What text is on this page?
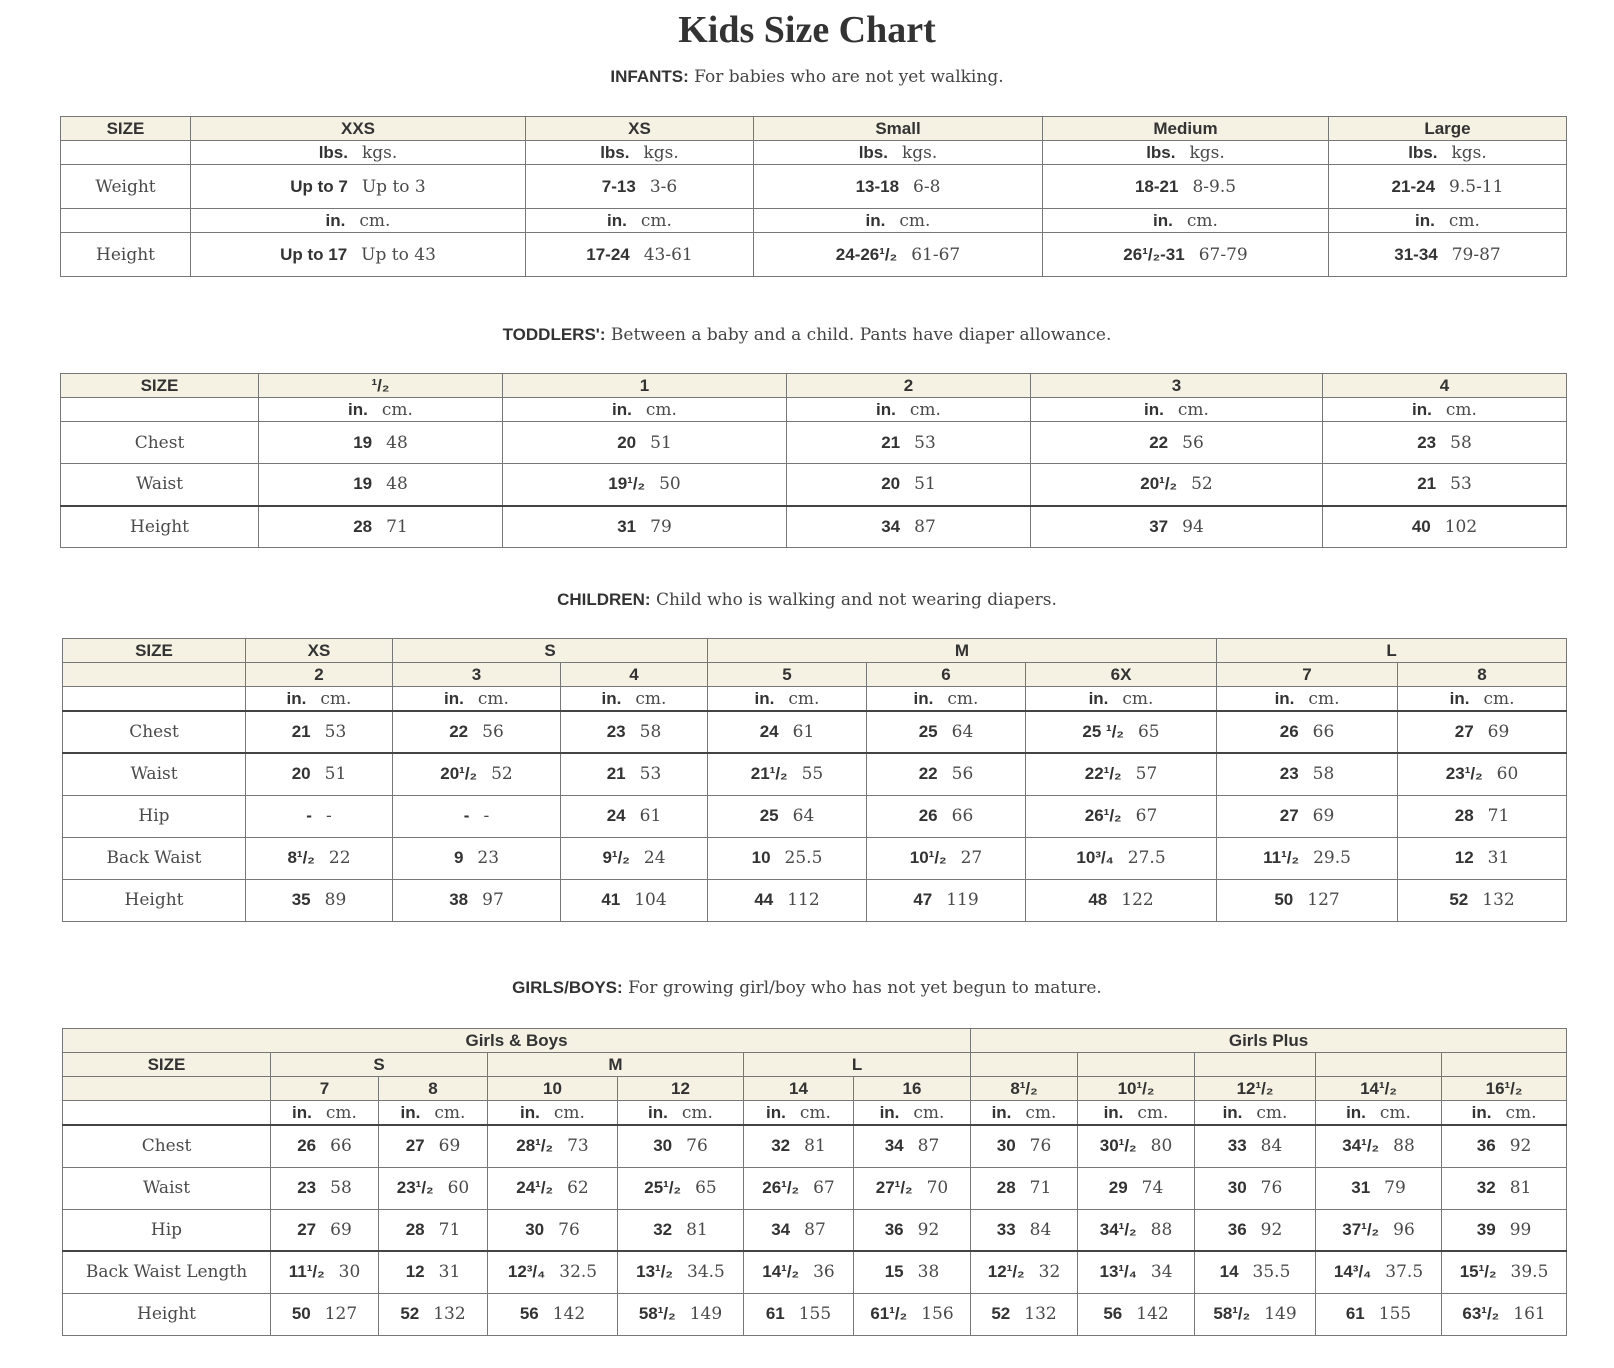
Kids Size Chart
INFANTS: For babies who are not yet walking.
SIZE	XXS	XS	Small	Medium	Large
	lbs. kgs.	lbs. kgs.	lbs. kgs.	lbs. kgs.	lbs. kgs.
Weight	Up to 7 Up to 3	7-13 3-6	13-18 6-8	18-21 8-9.5	21-24 9.5-11
	in. cm.	in. cm.	in. cm.	in. cm.	in. cm.
Height	Up to 17 Up to 43	17-24 43-61	24-26¹/₂ 61-67	26¹/₂-31 67-79	31-34 79-87
TODDLERS': Between a baby and a child. Pants have diaper allowance.
SIZE	¹/₂	1	2	3	4
	in. cm.	in. cm.	in. cm.	in. cm.	in. cm.
Chest	19 48	20 51	21 53	22 56	23 58
Waist	19 48	19¹/₂ 50	20 51	20¹/₂ 52	21 53
Height	28 71	31 79	34 87	37 94	40 102
CHILDREN: Child who is walking and not wearing diapers.
SIZE	XS	S		M			L	
	2	3	4	5	6	6X	7	8
	in. cm.	in. cm.	in. cm.	in. cm.	in. cm.	in. cm.	in. cm.	in. cm.
Chest	21 53	22 56	23 58	24 61	25 64	25 ¹/₂ 65	26 66	27 69
Waist	20 51	20¹/₂ 52	21 53	21¹/₂ 55	22 56	22¹/₂ 57	23 58	23¹/₂ 60
Hip	- -	- -	24 61	25 64	26 66	26¹/₂ 67	27 69	28 71
Back Waist	8¹/₂ 22	9 23	9¹/₂ 24	10 25.5	10¹/₂ 27	10³/₄ 27.5	11¹/₂ 29.5	12 31
Height	35 89	38 97	41 104	44 112	47 119	48 122	50 127	52 132
GIRLS/BOYS: For growing girl/boy who has not yet begun to mature.
Girls & Boys							Girls Plus				
SIZE	S		M		L						
	7	8	10	12	14	16	8¹/₂	10¹/₂	12¹/₂	14¹/₂	16¹/₂
	in. cm.	in. cm.	in. cm.	in. cm.	in. cm.	in. cm.	in. cm.	in. cm.	in. cm.	in. cm.	in. cm.
Chest	26 66	27 69	28¹/₂ 73	30 76	32 81	34 87	30 76	30¹/₂ 80	33 84	34¹/₂ 88	36 92
Waist	23 58	23¹/₂ 60	24¹/₂ 62	25¹/₂ 65	26¹/₂ 67	27¹/₂ 70	28 71	29 74	30 76	31 79	32 81
Hip	27 69	28 71	30 76	32 81	34 87	36 92	33 84	34¹/₂ 88	36 92	37¹/₂ 96	39 99
Back Waist Length	11¹/₂ 30	12 31	12³/₄ 32.5	13¹/₂ 34.5	14¹/₂ 36	15 38	12¹/₂ 32	13¹/₄ 34	14 35.5	14³/₄ 37.5	15¹/₂ 39.5
Height	50 127	52 132	56 142	58¹/₂ 149	61 155	61¹/₂ 156	52 132	56 142	58¹/₂ 149	61 155	63¹/₂ 161
